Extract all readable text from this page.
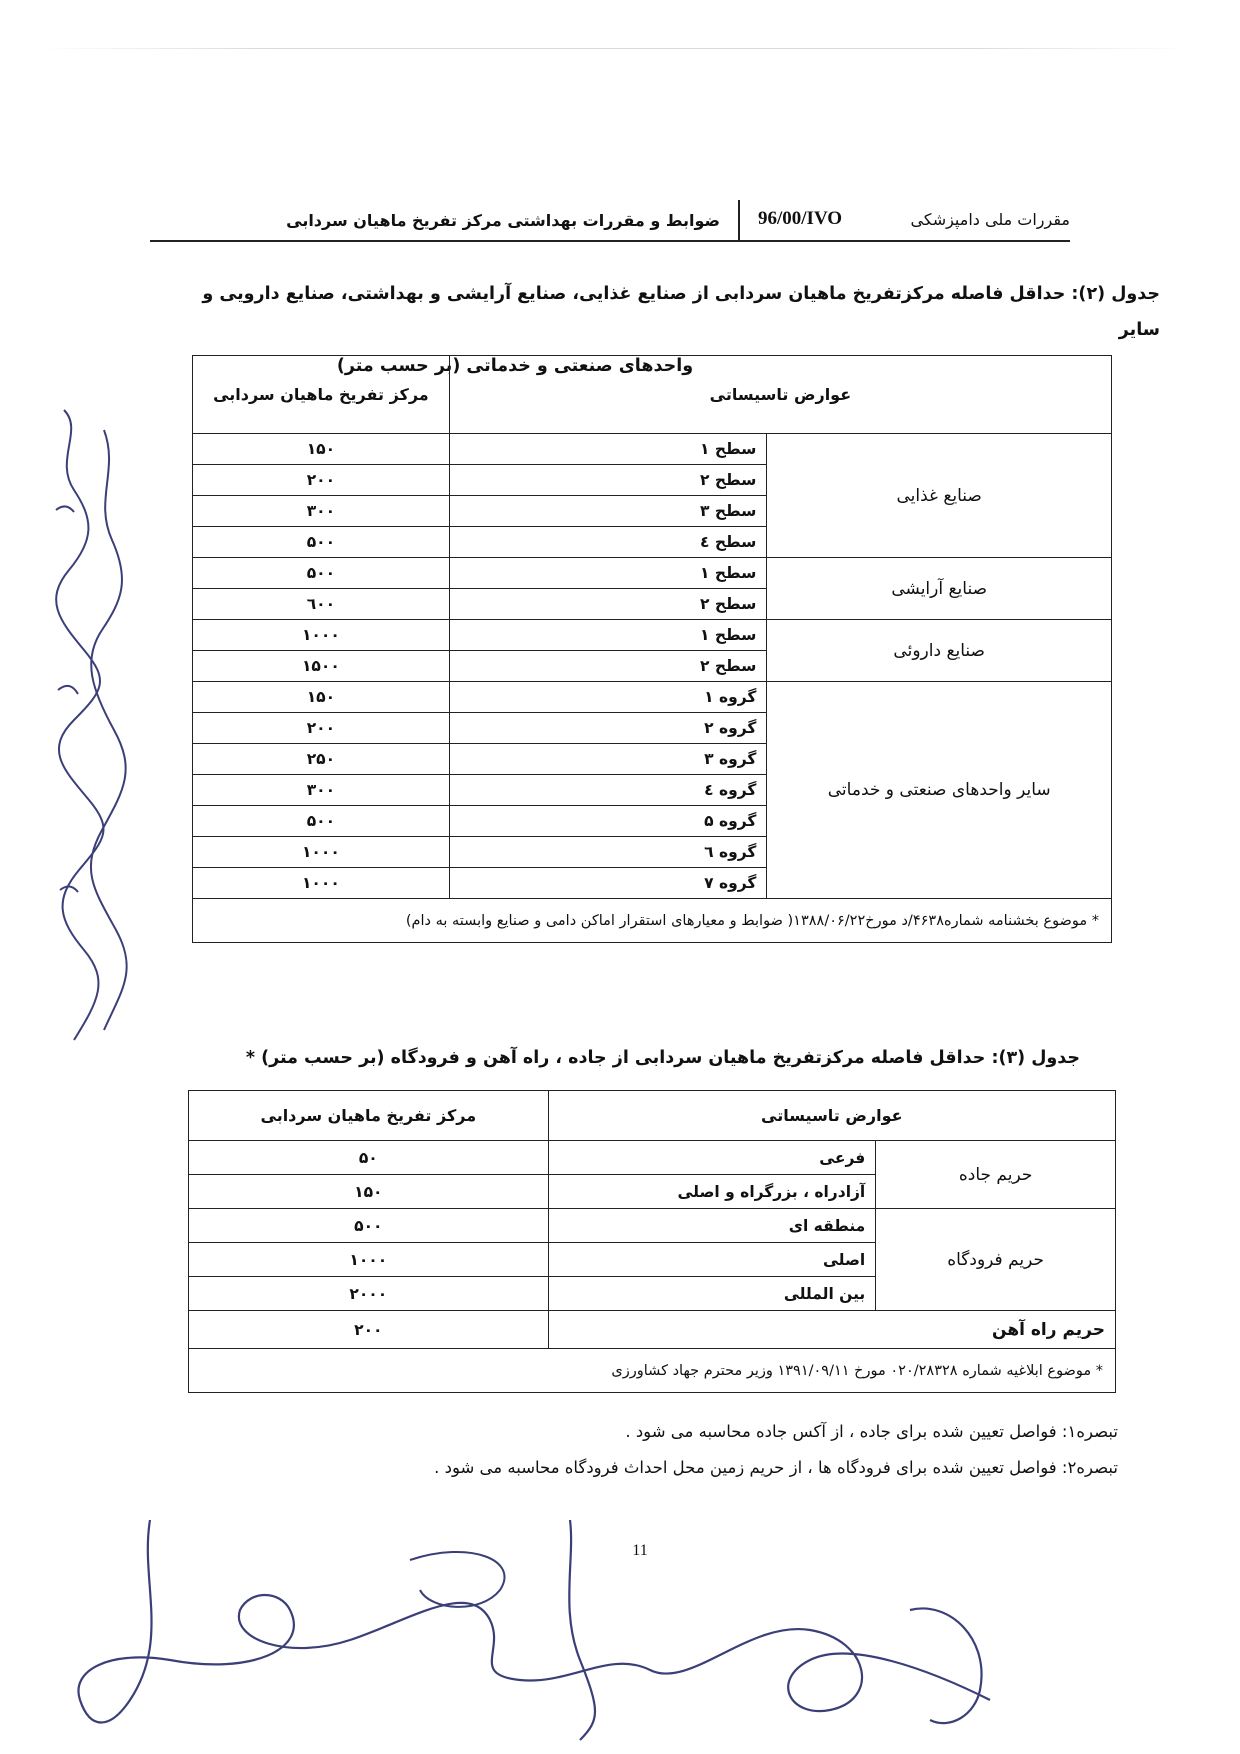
مقررات ملی دامپزشکی
96/00/IVO
ضوابط و مقررات بهداشتی مرکز تفریخ ماهیان سردابی
جدول (۲): حداقل فاصله مرکزتفریخ ماهیان سردابی از صنایع غذایی، صنایع آرایشی و بهداشتی، صنایع دارویی و سایر
واحدهای صنعتی و خدماتی (بر حسب متر)
عوارض تاسیساتی		مرکز تفریخ ماهیان سردابی
صنایع غذایی	سطح ۱	۱۵۰
	سطح ۲	۲۰۰
	سطح ۳	۳۰۰
	سطح ٤	۵۰۰
صنایع آرایشی	سطح ۱	۵۰۰
	سطح ۲	٦۰۰
صنایع داروئی	سطح ۱	۱۰۰۰
	سطح ۲	۱۵۰۰
سایر واحدهای صنعتی و خدماتی	گروه ۱	۱۵۰
	گروه ۲	۲۰۰
	گروه ۳	۲۵۰
	گروه ٤	۳۰۰
	گروه ۵	۵۰۰
	گروه ٦	۱۰۰۰
	گروه ۷	۱۰۰۰
* موضوع بخشنامه شماره۴۶۳۸/د مورخ۱۳۸۸/۰۶/۲۲( ضوابط و معیارهای استقرار اماکن دامی و صنایع وابسته به دام)		
جدول (۳): حداقل فاصله مرکزتفریخ ماهیان سردابی از جاده ، راه آهن و فرودگاه (بر حسب متر) *
عوارض تاسیساتی		مرکز تفریخ ماهیان سردابی
حریم جاده	فرعی	۵۰
	آزادراه ، بزرگراه و اصلی	۱۵۰
حریم فرودگاه	منطقه ای	۵۰۰
	اصلی	۱۰۰۰
	بین المللی	۲۰۰۰
حریم راه آهن		۲۰۰
* موضوع ابلاغیه شماره ۰۲۰/۲۸۳۲۸ مورخ ۱۳۹۱/۰۹/۱۱ وزیر محترم جهاد کشاورزی		
تبصره۱: فواصل تعیین شده برای جاده ، از آکس جاده محاسبه می شود .
تبصره۲: فواصل تعیین شده برای فرودگاه ها ، از حریم زمین محل احداث فرودگاه محاسبه می شود .
11
